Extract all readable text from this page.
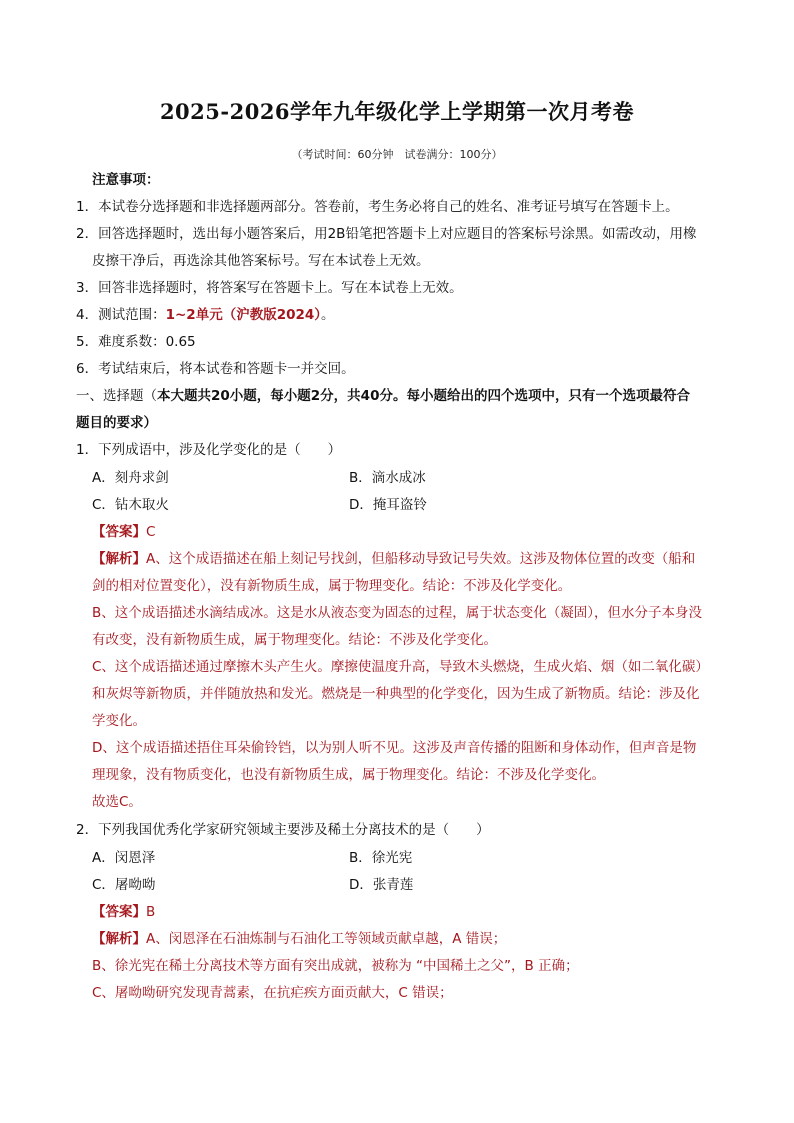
2025-2026学年九年级化学上学期第一次月考卷
（考试时间：60分钟　试卷满分：100分）
注意事项：
1．本试卷分选择题和非选择题两部分。答卷前，考生务必将自己的姓名、准考证号填写在答题卡上。
2．回答选择题时，选出每小题答案后，用2B铅笔把答题卡上对应题目的答案标号涂黑。如需改动，用橡
皮擦干净后，再选涂其他答案标号。写在本试卷上无效。
3．回答非选择题时，将答案写在答题卡上。写在本试卷上无效。
4．测试范围：1~2单元（沪教版2024）。
5．难度系数：0.65
6．考试结束后，将本试卷和答题卡一并交回。
一、选择题（本大题共20小题，每小题2分，共40分。每小题给出的四个选项中，只有一个选项最符合
题目的要求）
1．下列成语中，涉及化学变化的是（　　）
A．刻舟求剑	B．滴水成冰
C．钻木取火	D．掩耳盗铃
【答案】C
【解析】A、这个成语描述在船上刻记号找剑，但船移动导致记号失效。这涉及物体位置的改变（船和
剑的相对位置变化），没有新物质生成，属于物理变化。结论：不涉及化学变化。
B、这个成语描述水滴结成冰。这是水从液态变为固态的过程，属于状态变化（凝固），但水分子本身没
有改变，没有新物质生成，属于物理变化。结论：不涉及化学变化。
C、这个成语描述通过摩擦木头产生火。摩擦使温度升高，导致木头燃烧，生成火焰、烟（如二氧化碳）
和灰烬等新物质，并伴随放热和发光。燃烧是一种典型的化学变化，因为生成了新物质。结论：涉及化
学变化。
D、这个成语描述捂住耳朵偷铃铛，以为别人听不见。这涉及声音传播的阻断和身体动作，但声音是物
理现象，没有物质变化，也没有新物质生成，属于物理变化。结论：不涉及化学变化。
故选C。
2．下列我国优秀化学家研究领域主要涉及稀土分离技术的是（　　）
A．闵恩泽	B．徐光宪
C．屠呦呦	D．张青莲
【答案】B
【解析】A、闵恩泽在石油炼制与石油化工等领域贡献卓越，A 错误；
B、徐光宪在稀土分离技术等方面有突出成就，被称为 “中国稀土之父”，B 正确；
C、屠呦呦研究发现青蒿素，在抗疟疾方面贡献大，C 错误；
